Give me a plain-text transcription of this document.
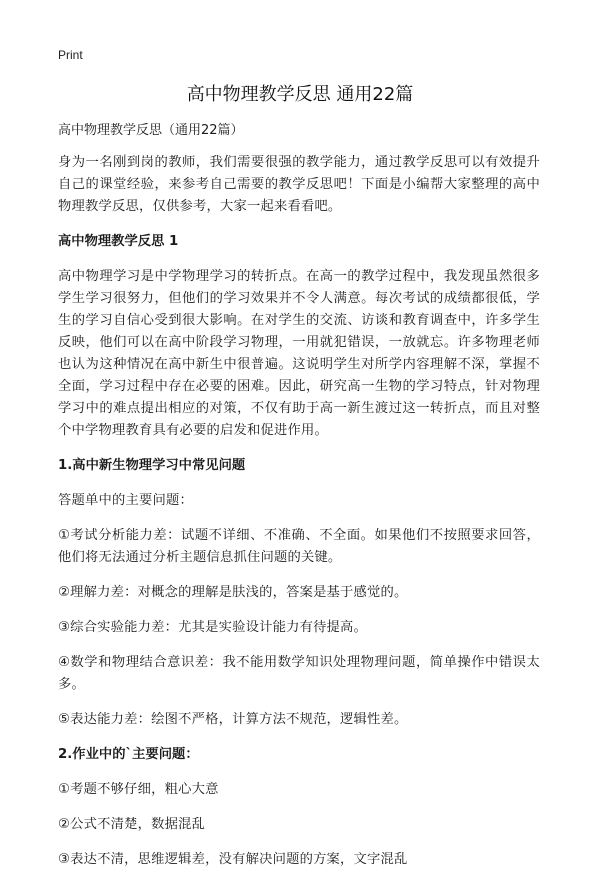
Print
高中物理教学反思 通用22篇
高中物理教学反思（通用22篇）

身为一名刚到岗的教师，我们需要很强的教学能力，通过教学反思可以有效提升自己的课堂经验，来参考自己需要的教学反思吧！下面是小编帮大家整理的高中物理教学反思，仅供参考，大家一起来看看吧。

高中物理教学反思 1

高中物理学习是中学物理学习的转折点。在高一的教学过程中，我发现虽然很多学生学习很努力，但他们的学习效果并不令人满意。每次考试的成绩都很低，学生的学习自信心受到很大影响。在对学生的交流、访谈和教育调查中，许多学生反映，他们可以在高中阶段学习物理，一用就犯错误，一放就忘。许多物理老师也认为这种情况在高中新生中很普遍。这说明学生对所学内容理解不深，掌握不全面，学习过程中存在必要的困难。因此，研究高一生物的学习特点，针对物理学习中的难点提出相应的对策，不仅有助于高一新生渡过这一转折点，而且对整个中学物理教育具有必要的启发和促进作用。

1.高中新生物理学习中常见问题

答题单中的主要问题：

①考试分析能力差：试题不详细、不准确、不全面。如果他们不按照要求回答，他们将无法通过分析主题信息抓住问题的关键。

②理解力差：对概念的理解是肤浅的，答案是基于感觉的。

③综合实验能力差：尤其是实验设计能力有待提高。

④数学和物理结合意识差：我不能用数学知识处理物理问题，简单操作中错误太多。

⑤表达能力差：绘图不严格，计算方法不规范，逻辑性差。

2.作业中的`主要问题：

①考题不够仔细，粗心大意

②公式不清楚，数据混乱

③表达不清，思维逻辑差，没有解决问题的方案，文字混乱
